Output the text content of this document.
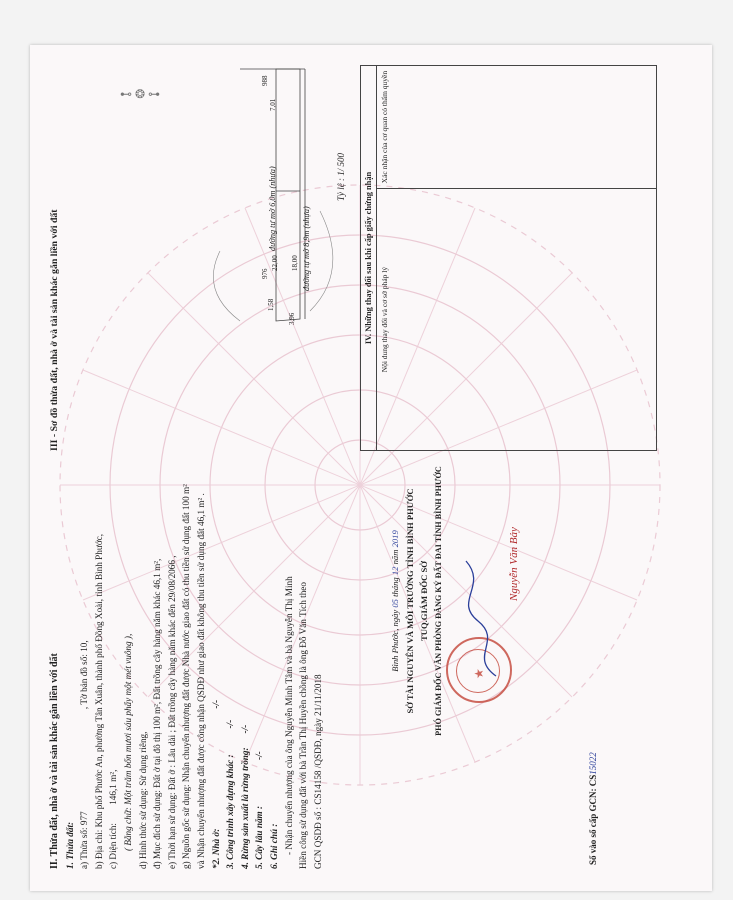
⊷ ❂ ⊶
II. Thửa đất, nhà ở và tài sản khác gắn liền với đất 1. Thửa đất: a) Thửa số: 977 , Tờ bản đồ số: 10, b) Địa chỉ: Khu phố Phước An, phường Tân Xuân, thành phố Đồng Xoài, tỉnh Bình Phước, c) Diện tích: 146,1 m², ( Bằng chữ: Một trăm bốn mươi sáu phẩy một mét vuông ), d) Hình thức sử dụng: Sử dụng riêng, đ) Mục đích sử dụng: Đất ở tại đô thị 100 m², Đất trồng cây hàng năm khác 46,1 m², e) Thời hạn sử dụng: Đất ở : Lâu dài ; Đất trồng cây hàng năm khác đến 29/08/2066 , g) Nguồn gốc sử dụng: Nhận chuyển nhượng đất được Nhà nước giao đất có thu tiền sử dụng đất 100 m² và Nhận chuyển nhượng đất được công nhận QSDĐ như giao đất không thu tiền sử dụng đất 46,1 m² . *2. Nhà ở:-/-
3. Công trình xây dựng khác :-/-
4. Rừng sản xuất là rừng trồng:-/-
5. Cây lâu năm :-/-
6. Ghi chú : - Nhận chuyển nhượng của ông Nguyễn Minh Tâm và bà Nguyễn Thị Minh Hiền công sử dụng đất với bà Trần Thị Huyền chồng là ông Đỗ Văn Tích theo GCN QSDĐ số : CS14158 /QSDĐ, ngày 21/11/2018
Bình Phước, ngày 05 tháng 12 năm 2019 SỞ TÀI NGUYÊN VÀ MÔI TRƯỜNG TỈNH BÌNH PHƯỚC TUQ.GIÁM ĐỐC SỞ PHÓ GIÁM ĐỐC VĂN PHÒNG ĐĂNG KÝ ĐẤT ĐAI TỈNH BÌNH PHƯỚC ★
Nguyễn Văn Bảy
Số vào sổ cấp GCN: CS15022
III - Sơ đồ thửa đất, nhà ở và tài sản khác gắn liền với đất	đường tự mở 8,9m (nhựa)
đường tự mở 6,0m (nhựa)
976
988
7,01
22,00
3,96
1,58
18,00
Tỷ lệ : 1/ 500	IV. Những thay đổi sau khi cấp giấy chứng nhận
Nội dung thay đổi và cơ sở pháp lý	Xác nhận của cơ quan có thẩm quyền
